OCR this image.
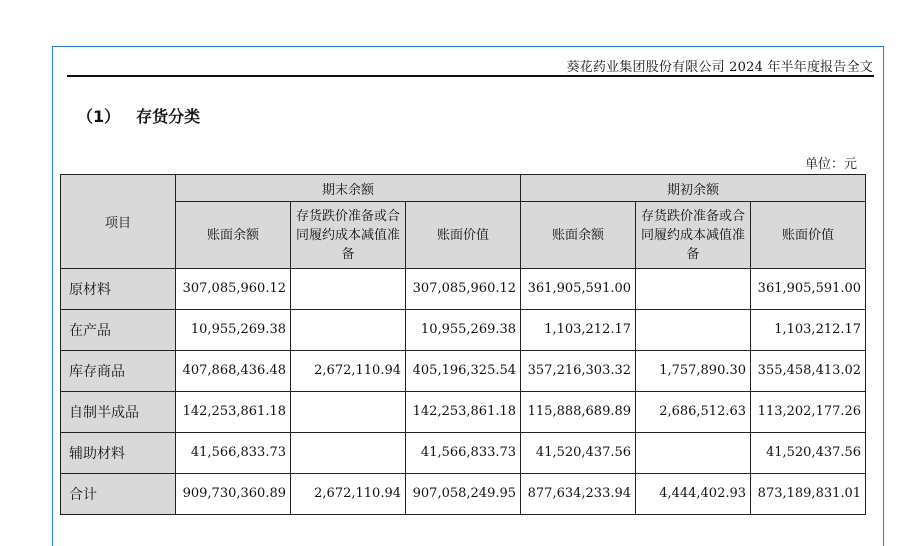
葵花药业集团股份有限公司 2024 年半年度报告全文
（1） 存货分类
单位：元
项目	期末余额			期初余额		
	账面余额	存货跌价准备或合同履约成本减值准备	账面价值	账面余额	存货跌价准备或合同履约成本减值准备	账面价值
原材料	307,085,960.12		307,085,960.12	361,905,591.00		361,905,591.00
在产品	10,955,269.38		10,955,269.38	1,103,212.17		1,103,212.17
库存商品	407,868,436.48	2,672,110.94	405,196,325.54	357,216,303.32	1,757,890.30	355,458,413.02
自制半成品	142,253,861.18		142,253,861.18	115,888,689.89	2,686,512.63	113,202,177.26
辅助材料	41,566,833.73		41,566,833.73	41,520,437.56		41,520,437.56
合计	909,730,360.89	2,672,110.94	907,058,249.95	877,634,233.94	4,444,402.93	873,189,831.01
